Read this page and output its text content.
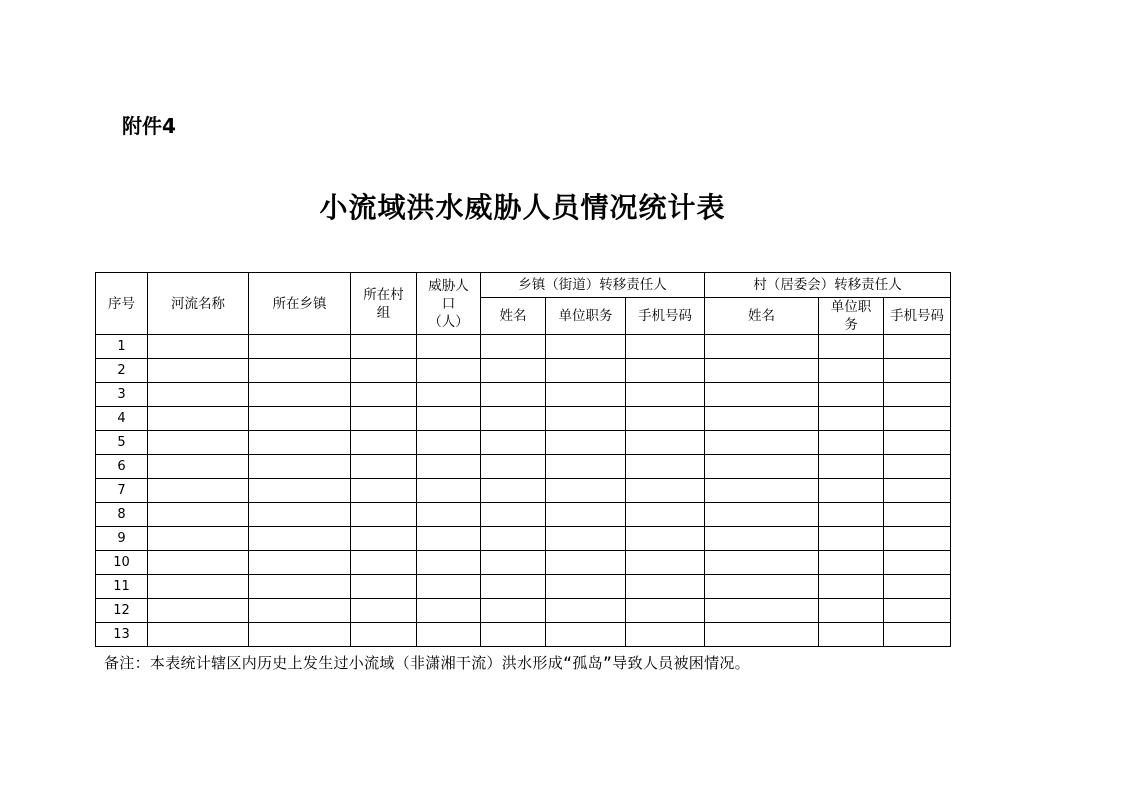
附件4
小流域洪水威胁人员情况统计表
序号	河流名称	所在乡镇	所在村组	威胁人口（人）	乡镇（街道）转移责任人			村（居委会）转移责任人		
					姓名	单位职务	手机号码	姓名	单位职务	手机号码
1										
2										
3										
4										
5										
6										
7										
8										
9										
10										
11										
12										
13										
备注：本表统计辖区内历史上发生过小流域（非潇湘干流）洪水形成“孤岛”导致人员被困情况。
